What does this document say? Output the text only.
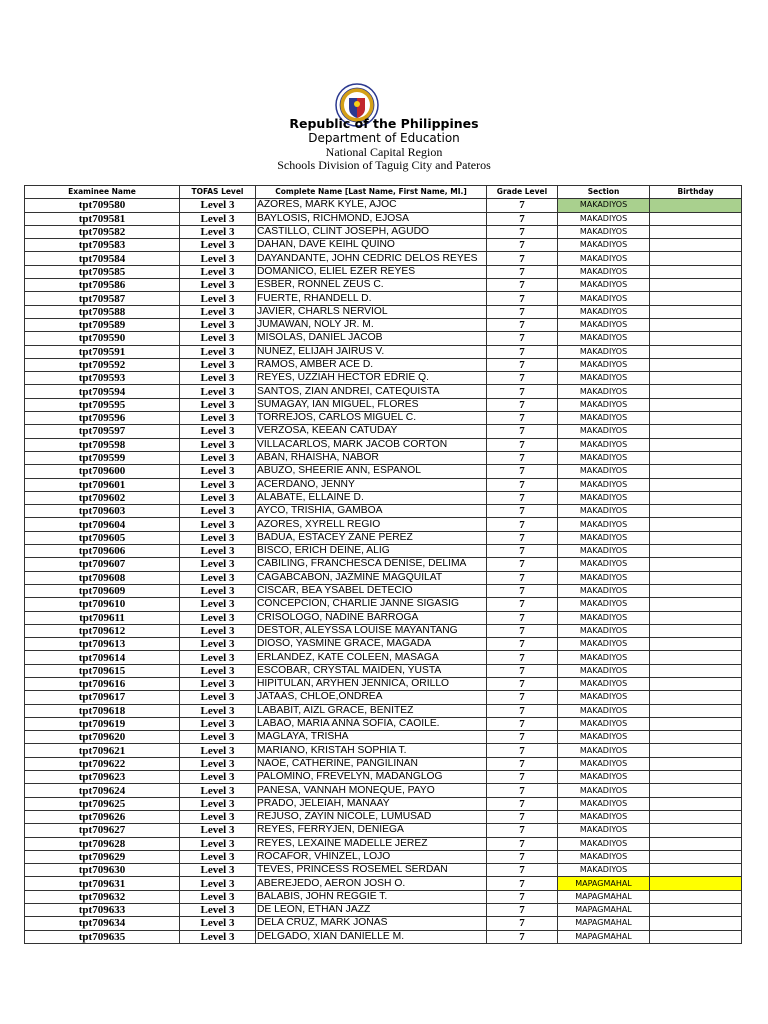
Republic of the Philippines
Department of Education
National Capital Region
Schools Division of Taguig City and Pateros
Examinee Name	TOFAS Level	Complete Name [Last Name, First Name, MI.]	Grade Level	Section	Birthday
tpt709580	Level 3	AZORES, MARK KYLE, AJOC	7	MAKADIYOS	
tpt709581	Level 3	BAYLOSIS, RICHMOND, EJOSA	7	MAKADIYOS	
tpt709582	Level 3	CASTILLO, CLINT JOSEPH, AGUDO	7	MAKADIYOS	
tpt709583	Level 3	DAHAN, DAVE KEIHL QUINO	7	MAKADIYOS	
tpt709584	Level 3	DAYANDANTE, JOHN CEDRIC DELOS REYES	7	MAKADIYOS	
tpt709585	Level 3	DOMANICO, ELIEL EZER REYES	7	MAKADIYOS	
tpt709586	Level 3	ESBER, RONNEL ZEUS C.	7	MAKADIYOS	
tpt709587	Level 3	FUERTE, RHANDELL D.	7	MAKADIYOS	
tpt709588	Level 3	JAVIER, CHARLS NERVIOL	7	MAKADIYOS	
tpt709589	Level 3	JUMAWAN, NOLY JR. M.	7	MAKADIYOS	
tpt709590	Level 3	MISOLAS, DANIEL JACOB	7	MAKADIYOS	
tpt709591	Level 3	NUNEZ, ELIJAH JAIRUS V.	7	MAKADIYOS	
tpt709592	Level 3	RAMOS, AMBER ACE D.	7	MAKADIYOS	
tpt709593	Level 3	REYES, UZZIAH HECTOR EDRIE Q.	7	MAKADIYOS	
tpt709594	Level 3	SANTOS, ZIAN ANDREI, CATEQUISTA	7	MAKADIYOS	
tpt709595	Level 3	SUMAGAY, IAN MIGUEL, FLORES	7	MAKADIYOS	
tpt709596	Level 3	TORREJOS, CARLOS MIGUEL C.	7	MAKADIYOS	
tpt709597	Level 3	VERZOSA, KEEAN CATUDAY	7	MAKADIYOS	
tpt709598	Level 3	VILLACARLOS, MARK JACOB CORTON	7	MAKADIYOS	
tpt709599	Level 3	ABAN, RHAISHA, NABOR	7	MAKADIYOS	
tpt709600	Level 3	ABUZO, SHEERIE ANN, ESPANOL	7	MAKADIYOS	
tpt709601	Level 3	ACERDANO, JENNY	7	MAKADIYOS	
tpt709602	Level 3	ALABATE, ELLAINE D.	7	MAKADIYOS	
tpt709603	Level 3	AYCO, TRISHIA, GAMBOA	7	MAKADIYOS	
tpt709604	Level 3	AZORES, XYRELL REGIO	7	MAKADIYOS	
tpt709605	Level 3	BADUA, ESTACEY ZANE PEREZ	7	MAKADIYOS	
tpt709606	Level 3	BISCO, ERICH DEINE, ALIG	7	MAKADIYOS	
tpt709607	Level 3	CABILING, FRANCHESCA DENISE, DELIMA	7	MAKADIYOS	
tpt709608	Level 3	CAGABCABON, JAZMINE MAGQUILAT	7	MAKADIYOS	
tpt709609	Level 3	CISCAR, BEA YSABEL DETECIO	7	MAKADIYOS	
tpt709610	Level 3	CONCEPCION, CHARLIE JANNE SIGASIG	7	MAKADIYOS	
tpt709611	Level 3	CRISOLOGO, NADINE BARROGA	7	MAKADIYOS	
tpt709612	Level 3	DESTOR, ALEYSSA LOUISE MAYANTANG	7	MAKADIYOS	
tpt709613	Level 3	DIOSO, YASMINE GRACE, MAGADA	7	MAKADIYOS	
tpt709614	Level 3	ERLANDEZ, KATE COLEEN, MASAGA	7	MAKADIYOS	
tpt709615	Level 3	ESCOBAR, CRYSTAL MAIDEN, YUSTA	7	MAKADIYOS	
tpt709616	Level 3	HIPITULAN, ARYHEN JENNICA, ORILLO	7	MAKADIYOS	
tpt709617	Level 3	JATAAS, CHLOE,ONDREA	7	MAKADIYOS	
tpt709618	Level 3	LABABIT, AIZL GRACE, BENITEZ	7	MAKADIYOS	
tpt709619	Level 3	LABAO, MARIA ANNA SOFIA, CAOILE.	7	MAKADIYOS	
tpt709620	Level 3	MAGLAYA, TRISHA	7	MAKADIYOS	
tpt709621	Level 3	MARIANO, KRISTAH SOPHIA T.	7	MAKADIYOS	
tpt709622	Level 3	NAOE, CATHERINE, PANGILINAN	7	MAKADIYOS	
tpt709623	Level 3	PALOMINO, FREVELYN, MADANGLOG	7	MAKADIYOS	
tpt709624	Level 3	PANESA, VANNAH MONEQUE, PAYO	7	MAKADIYOS	
tpt709625	Level 3	PRADO, JELEIAH, MANAAY	7	MAKADIYOS	
tpt709626	Level 3	REJUSO, ZAYIN NICOLE, LUMUSAD	7	MAKADIYOS	
tpt709627	Level 3	REYES, FERRYJEN, DENIEGA	7	MAKADIYOS	
tpt709628	Level 3	REYES, LEXAINE MADELLE JEREZ	7	MAKADIYOS	
tpt709629	Level 3	ROCAFOR, VHINZEL, LOJO	7	MAKADIYOS	
tpt709630	Level 3	TEVES, PRINCESS ROSEMEL SERDAN	7	MAKADIYOS	
tpt709631	Level 3	ABEREJEDO, AERON JOSH O.	7	MAPAGMAHAL	
tpt709632	Level 3	BALABIS, JOHN REGGIE T.	7	MAPAGMAHAL	
tpt709633	Level 3	DE LEON, ETHAN JAZZ	7	MAPAGMAHAL	
tpt709634	Level 3	DELA CRUZ, MARK JONAS	7	MAPAGMAHAL	
tpt709635	Level 3	DELGADO, XIAN DANIELLE M.	7	MAPAGMAHAL	
